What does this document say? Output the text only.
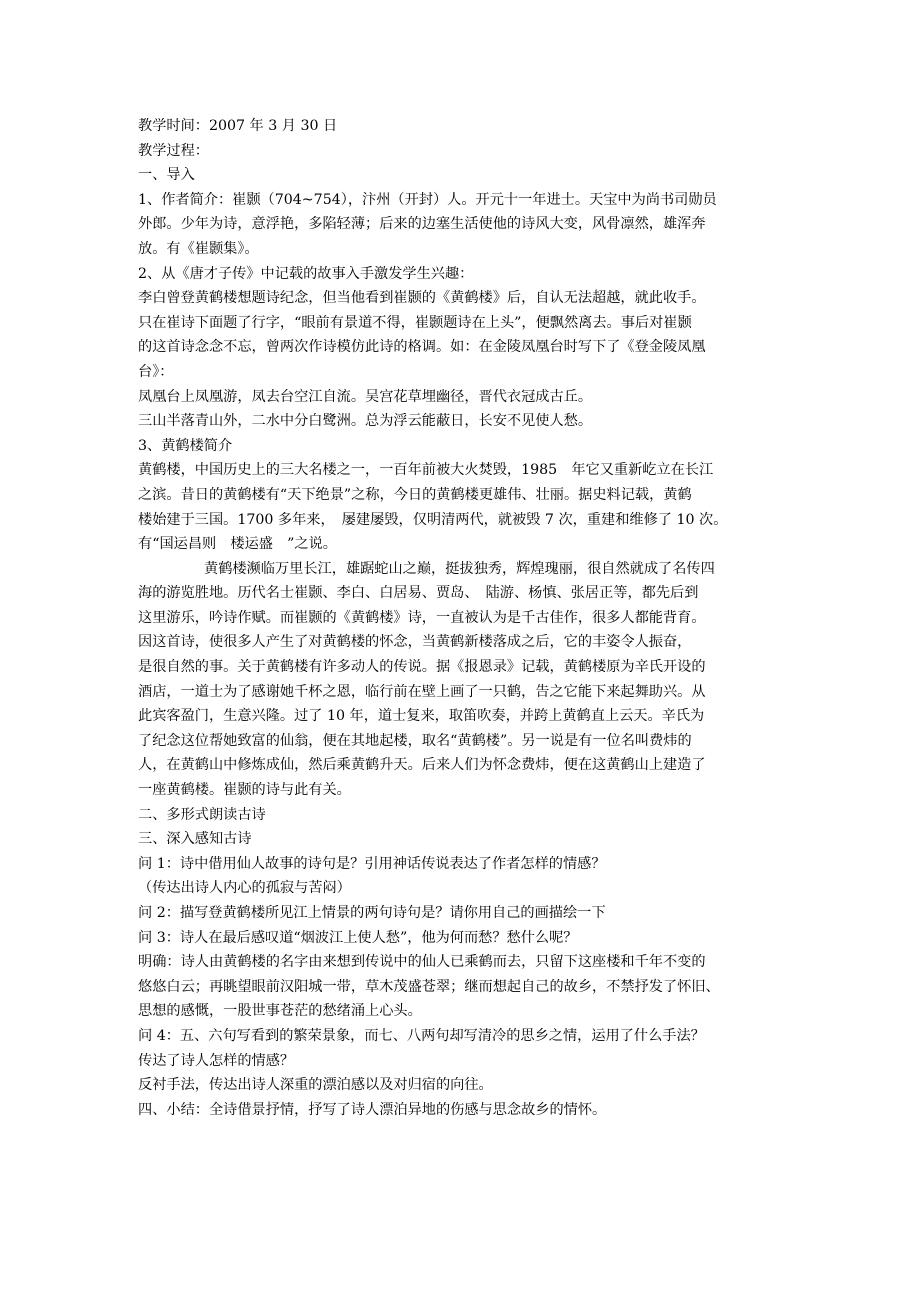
教学时间：2007 年 3 月 30 日
教学过程：
一、导入
1、作者简介：崔颢（704~754），汴州（开封）人。开元十一年进士。天宝中为尚书司勋员
外郎。少年为诗，意浮艳，多陷轻薄；后来的边塞生活使他的诗风大变，风骨凛然，雄浑奔
放。有《崔颢集》。
2、从《唐才子传》中记载的故事入手激发学生兴趣：
李白曾登黄鹤楼想题诗纪念，但当他看到崔颢的《黄鹤楼》后，自认无法超越，就此收手。
只在崔诗下面题了行字，“眼前有景道不得，崔颢题诗在上头”，便飘然离去。事后对崔颢
的这首诗念念不忘，曾两次作诗模仿此诗的格调。如：在金陵凤凰台时写下了《登金陵凤凰
台》：
凤凰台上凤凰游，凤去台空江自流。吴宫花草埋幽径，晋代衣冠成古丘。
三山半落青山外，二水中分白鹭洲。总为浮云能蔽日，长安不见使人愁。
3、黄鹤楼简介
黄鹤楼，中国历史上的三大名楼之一，一百年前被大火焚毁，1985　年它又重新屹立在长江
之滨。昔日的黄鹤楼有“天下绝景”之称，今日的黄鹤楼更雄伟、壮丽。据史料记载，黄鹤
楼始建于三国。1700 多年来，　屡建屡毁，仅明清两代，就被毁 7 次，重建和维修了 10 次。
有“国运昌则　楼运盛　”之说。
黄鹤楼濒临万里长江，雄踞蛇山之巅，挺拔独秀，辉煌瑰丽，很自然就成了名传四
海的游览胜地。历代名士崔颢、李白、白居易、贾岛、　陆游、杨慎、张居正等，都先后到
这里游乐，吟诗作赋。而崔颢的《黄鹤楼》诗，一直被认为是千古佳作，很多人都能背育。
因这首诗，使很多人产生了对黄鹤楼的怀念，当黄鹤新楼落成之后，它的丰姿令人振奋，
是很自然的事。关于黄鹤楼有许多动人的传说。据《报恩录》记载，黄鹤楼原为辛氏开设的
酒店，一道士为了感谢她千杯之恩，临行前在壁上画了一只鹤，告之它能下来起舞助兴。从
此宾客盈门，生意兴隆。过了 10 年，道士复来，取笛吹奏，并跨上黄鹤直上云天。辛氏为
了纪念这位帮她致富的仙翁，便在其地起楼，取名“黄鹤楼”。另一说是有一位名叫费炜的
人，在黄鹤山中修炼成仙，然后乘黄鹤升天。后来人们为怀念费炜，便在这黄鹤山上建造了
一座黄鹤楼。崔颢的诗与此有关。
二、多形式朗读古诗
三、深入感知古诗
问 1：诗中借用仙人故事的诗句是？引用神话传说表达了作者怎样的情感？
（传达出诗人内心的孤寂与苦闷）
问 2：描写登黄鹤楼所见江上情景的两句诗句是？请你用自己的画描绘一下
问 3：诗人在最后感叹道“烟波江上使人愁”，他为何而愁？愁什么呢？
明确：诗人由黄鹤楼的名字由来想到传说中的仙人已乘鹤而去，只留下这座楼和千年不变的
悠悠白云；再眺望眼前汉阳城一带，草木茂盛苍翠；继而想起自己的故乡，不禁抒发了怀旧、
思想的感慨，一股世事苍茫的愁绪涌上心头。
问 4：五、六句写看到的繁荣景象，而七、八两句却写清冷的思乡之情，运用了什么手法？
传达了诗人怎样的情感？
反衬手法，传达出诗人深重的漂泊感以及对归宿的向往。
四、小结：全诗借景抒情，抒写了诗人漂泊异地的伤感与思念故乡的情怀。
